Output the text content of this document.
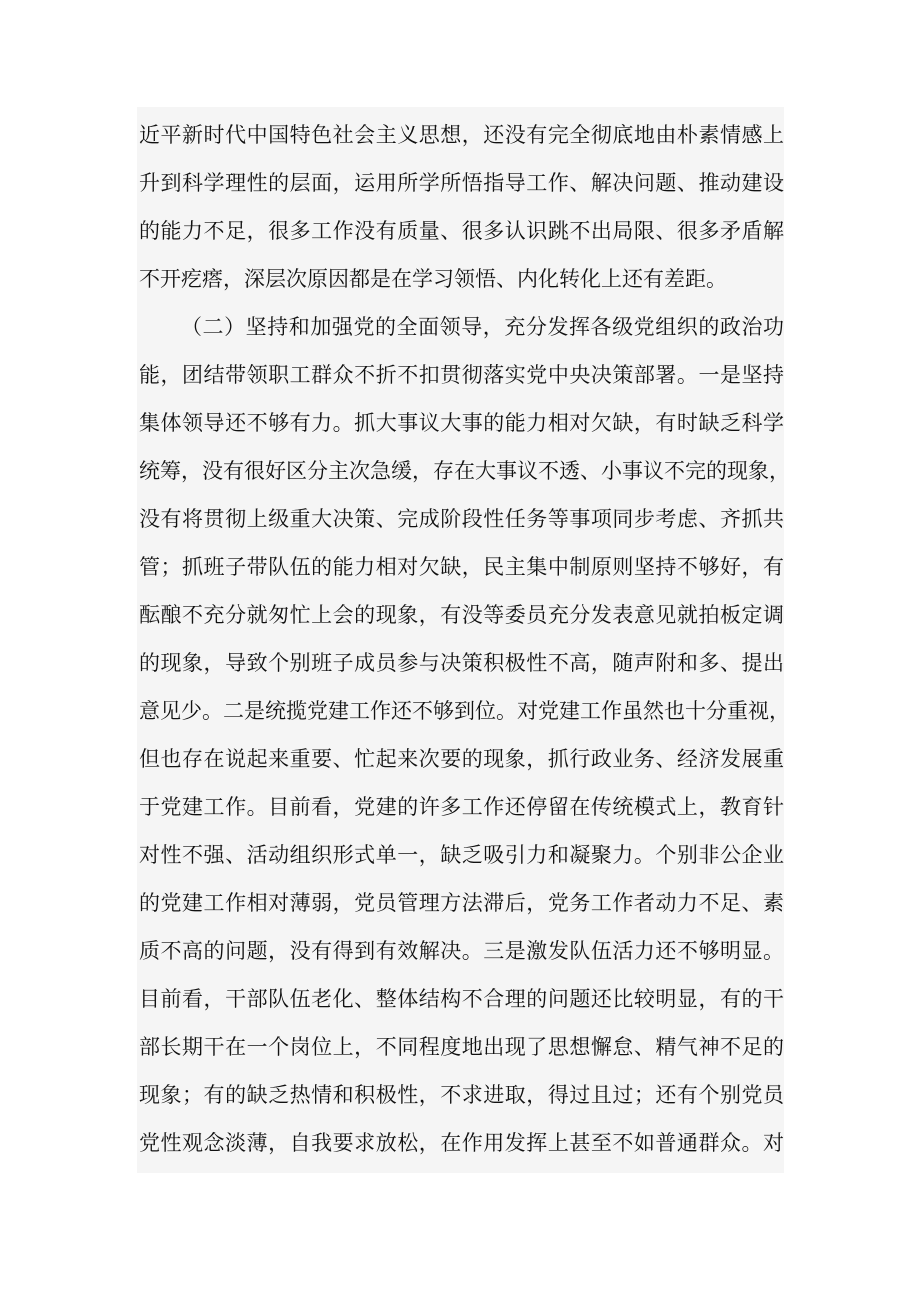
近平新时代中国特色社会主义思想，还没有完全彻底地由朴素情感上
升到科学理性的层面，运用所学所悟指导工作、解决问题、推动建设
的能力不足，很多工作没有质量、很多认识跳不出局限、很多矛盾解
不开疙瘩，深层次原因都是在学习领悟、内化转化上还有差距。
（二）坚持和加强党的全面领导，充分发挥各级党组织的政治功
能，团结带领职工群众不折不扣贯彻落实党中央决策部署。一是坚持
集体领导还不够有力。抓大事议大事的能力相对欠缺，有时缺乏科学
统筹，没有很好区分主次急缓，存在大事议不透、小事议不完的现象，
没有将贯彻上级重大决策、完成阶段性任务等事项同步考虑、齐抓共
管；抓班子带队伍的能力相对欠缺，民主集中制原则坚持不够好，有
酝酿不充分就匆忙上会的现象，有没等委员充分发表意见就拍板定调
的现象，导致个别班子成员参与决策积极性不高，随声附和多、提出
意见少。二是统揽党建工作还不够到位。对党建工作虽然也十分重视，
但也存在说起来重要、忙起来次要的现象，抓行政业务、经济发展重
于党建工作。目前看，党建的许多工作还停留在传统模式上，教育针
对性不强、活动组织形式单一，缺乏吸引力和凝聚力。个别非公企业
的党建工作相对薄弱，党员管理方法滞后，党务工作者动力不足、素
质不高的问题，没有得到有效解决。三是激发队伍活力还不够明显。
目前看，干部队伍老化、整体结构不合理的问题还比较明显，有的干
部长期干在一个岗位上，不同程度地出现了思想懈怠、精气神不足的
现象；有的缺乏热情和积极性，不求进取，得过且过；还有个别党员
党性观念淡薄，自我要求放松，在作用发挥上甚至不如普通群众。对
